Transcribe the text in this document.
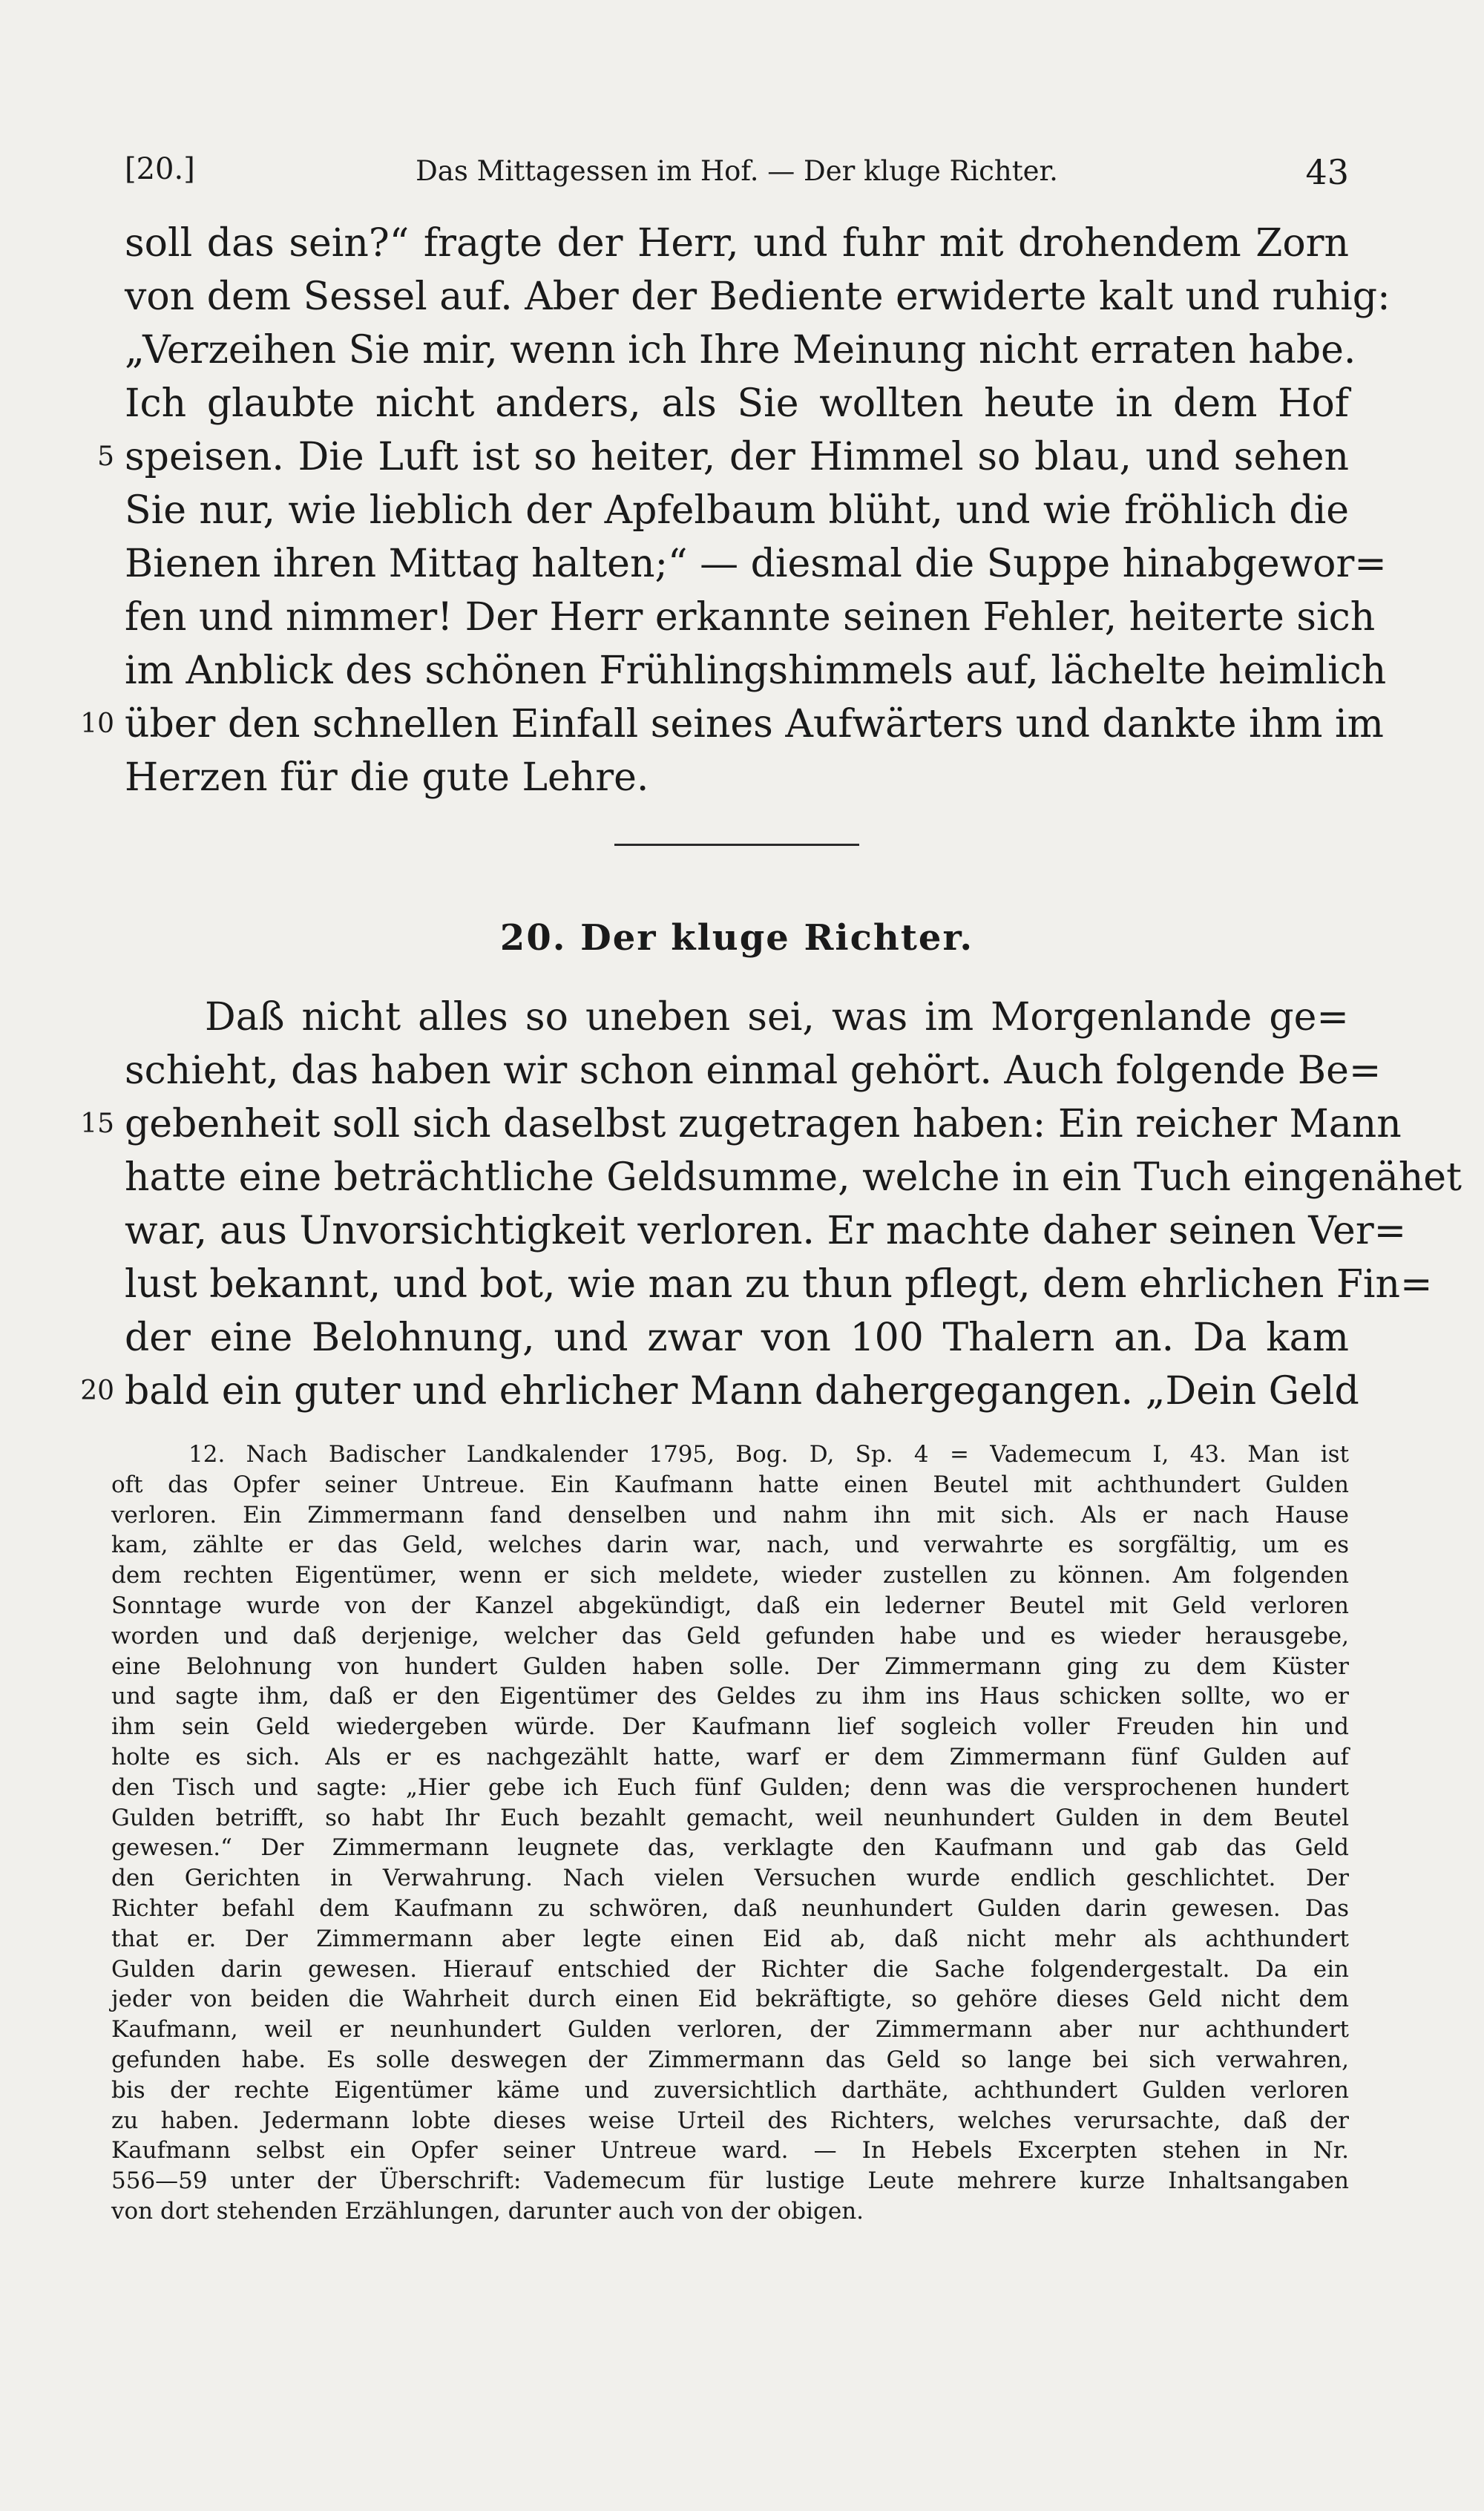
[20.]	Das Mittagessen im Hof. — Der kluge Richter.	43
soll das sein?“ fragte der Herr, und fuhr mit drohendem Zorn
von dem Sessel auf. Aber der Bediente erwiderte kalt und ruhig:
„Verzeihen Sie mir, wenn ich Ihre Meinung nicht erraten habe.
Ich glaubte nicht anders, als Sie wollten heute in dem Hof
5 speisen. Die Luft ist so heiter, der Himmel so blau, und sehen
Sie nur, wie lieblich der Apfelbaum blüht, und wie fröhlich die
Bienen ihren Mittag halten;“ — diesmal die Suppe hinabgewor=
fen und nimmer! Der Herr erkannte seinen Fehler, heiterte sich
im Anblick des schönen Frühlingshimmels auf, lächelte heimlich
10 über den schnellen Einfall seines Aufwärters und dankte ihm im
Herzen für die gute Lehre.
20. Der kluge Richter.
Daß nicht alles so uneben sei, was im Morgenlande ge=
schieht, das haben wir schon einmal gehört. Auch folgende Be=
15 gebenheit soll sich daselbst zugetragen haben: Ein reicher Mann
hatte eine beträchtliche Geldsumme, welche in ein Tuch eingenähet
war, aus Unvorsichtigkeit verloren. Er machte daher seinen Ver=
lust bekannt, und bot, wie man zu thun pflegt, dem ehrlichen Fin=
der eine Belohnung, und zwar von 100 Thalern an. Da kam
20 bald ein guter und ehrlicher Mann dahergegangen. „Dein Geld
12. Nach Badischer Landkalender 1795, Bog. D, Sp. 4 = Vademecum I, 43. Man ist
oft das Opfer seiner Untreue. Ein Kaufmann hatte einen Beutel mit achthundert Gulden
verloren. Ein Zimmermann fand denselben und nahm ihn mit sich. Als er nach Hause
kam, zählte er das Geld, welches darin war, nach, und verwahrte es sorgfältig, um es
dem rechten Eigentümer, wenn er sich meldete, wieder zustellen zu können. Am folgenden
Sonntage wurde von der Kanzel abgekündigt, daß ein lederner Beutel mit Geld verloren
worden und daß derjenige, welcher das Geld gefunden habe und es wieder herausgebe,
eine Belohnung von hundert Gulden haben solle. Der Zimmermann ging zu dem Küster
und sagte ihm, daß er den Eigentümer des Geldes zu ihm ins Haus schicken sollte, wo er
ihm sein Geld wiedergeben würde. Der Kaufmann lief sogleich voller Freuden hin und
holte es sich. Als er es nachgezählt hatte, warf er dem Zimmermann fünf Gulden auf
den Tisch und sagte: „Hier gebe ich Euch fünf Gulden; denn was die versprochenen hundert
Gulden betrifft, so habt Ihr Euch bezahlt gemacht, weil neunhundert Gulden in dem Beutel
gewesen.“ Der Zimmermann leugnete das, verklagte den Kaufmann und gab das Geld
den Gerichten in Verwahrung. Nach vielen Versuchen wurde endlich geschlichtet. Der
Richter befahl dem Kaufmann zu schwören, daß neunhundert Gulden darin gewesen. Das
that er. Der Zimmermann aber legte einen Eid ab, daß nicht mehr als achthundert
Gulden darin gewesen. Hierauf entschied der Richter die Sache folgendergestalt. Da ein
jeder von beiden die Wahrheit durch einen Eid bekräftigte, so gehöre dieses Geld nicht dem
Kaufmann, weil er neunhundert Gulden verloren, der Zimmermann aber nur achthundert
gefunden habe. Es solle deswegen der Zimmermann das Geld so lange bei sich verwahren,
bis der rechte Eigentümer käme und zuversichtlich darthäte, achthundert Gulden verloren
zu haben. Jedermann lobte dieses weise Urteil des Richters, welches verursachte, daß der
Kaufmann selbst ein Opfer seiner Untreue ward. — In Hebels Excerpten stehen in Nr.
556—59 unter der Überschrift: Vademecum für lustige Leute mehrere kurze Inhaltsangaben
von dort stehenden Erzählungen, darunter auch von der obigen.
